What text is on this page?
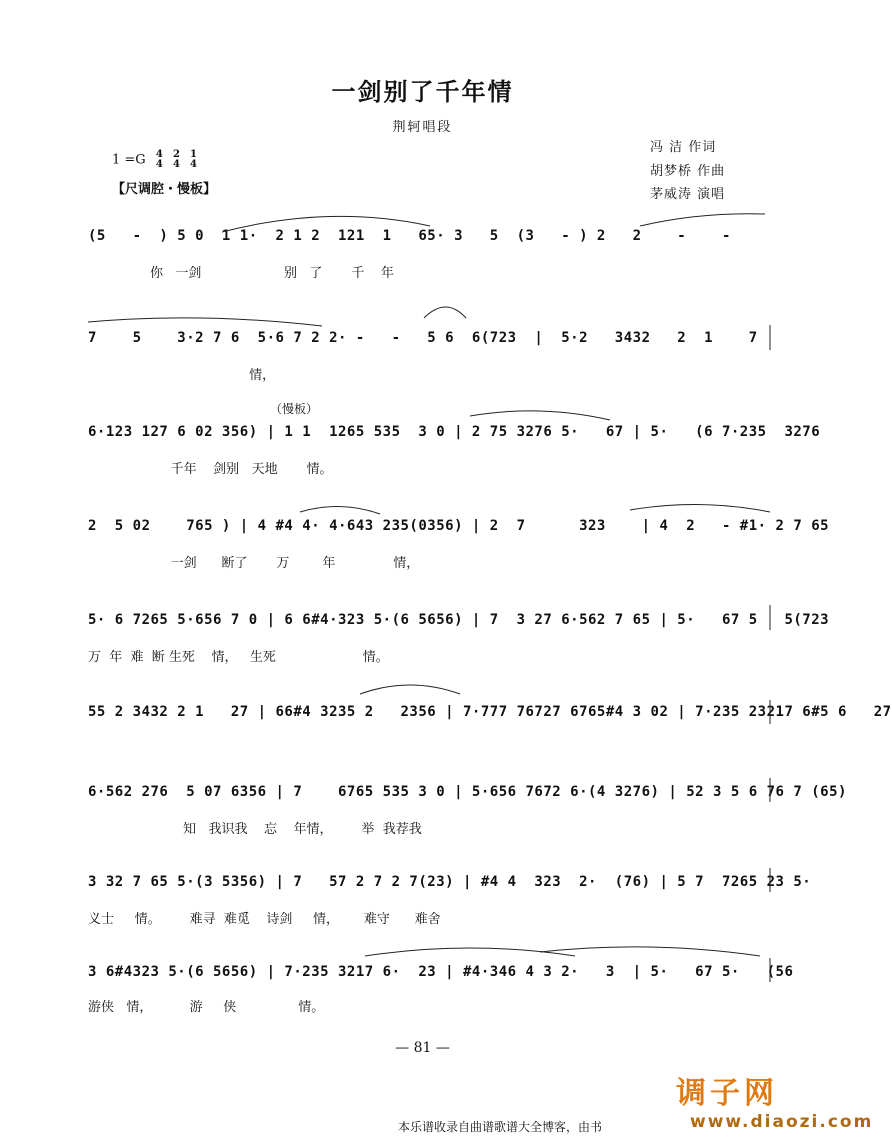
一剑别了千年情
荆轲唱段
冯 洁 作词
胡梦桥 作曲
茅威涛 演唱
1 =G 4
4

2
4

1
4
【尺调腔・慢板】
（慢板）
(5   -  ) 5 0  1 1·  2 1 2  121  1   65· 3   5  (3   - ) 2   2    -    -
你   一剑                    别   了       千    年
7    5    3·2 7 6  5·6 7 2 2· -   -   5 6  6(723  |  5·2   3432   2  1    7
情，
6·123 127 6 02 356) | 1 1  1265 535  3 0 | 2 75 3276 5·   67 | 5·   (6 7·235  3276
千年    剑别   天地       情。
2  5 02    765 ) | 4 #4 4· 4·643 235(0356) | 2  7      323    | 4  2   - #1· 2 7 65
一剑      断了       万        年              情，
5· 6 7265 5·656 7 0 | 6 6#4·323 5·(6 5656) | 7  3 27 6·562 7 65 | 5·   67 5   5(723
万  年  难  断 生死    情，   生死                     情。
55 2 3432 2 1   27 | 66#4 3235 2   2356 | 7·777 76727 6765#4 3 02 | 7·235 23217 6#5 6   27
6·562 276  5 07 6356 | 7    6765 535 3 0 | 5·656 7672 6·(4 3276) | 52 3 5 6 76 7 (65)
知   我识我    忘    年情，       举  我荐我
3 32 7 65 5·(3 5356) | 7   57 2 7 2 7(23) | #4 4  323  2·  (76) | 5 7  7265 23 5·
义士     情。       难寻  难觅    诗剑     情，      难守      难舍
3 6#4323 5·(6 5656) | 7·235 3217 6·  23 | #4·346 4 3 2·   3  | 5·   67 5·   (56
游侠   情，         游     侠               情。
— 81 —
调子网
本乐谱收录自曲谱歌谱大全博客，由书	www.diaozi.com
